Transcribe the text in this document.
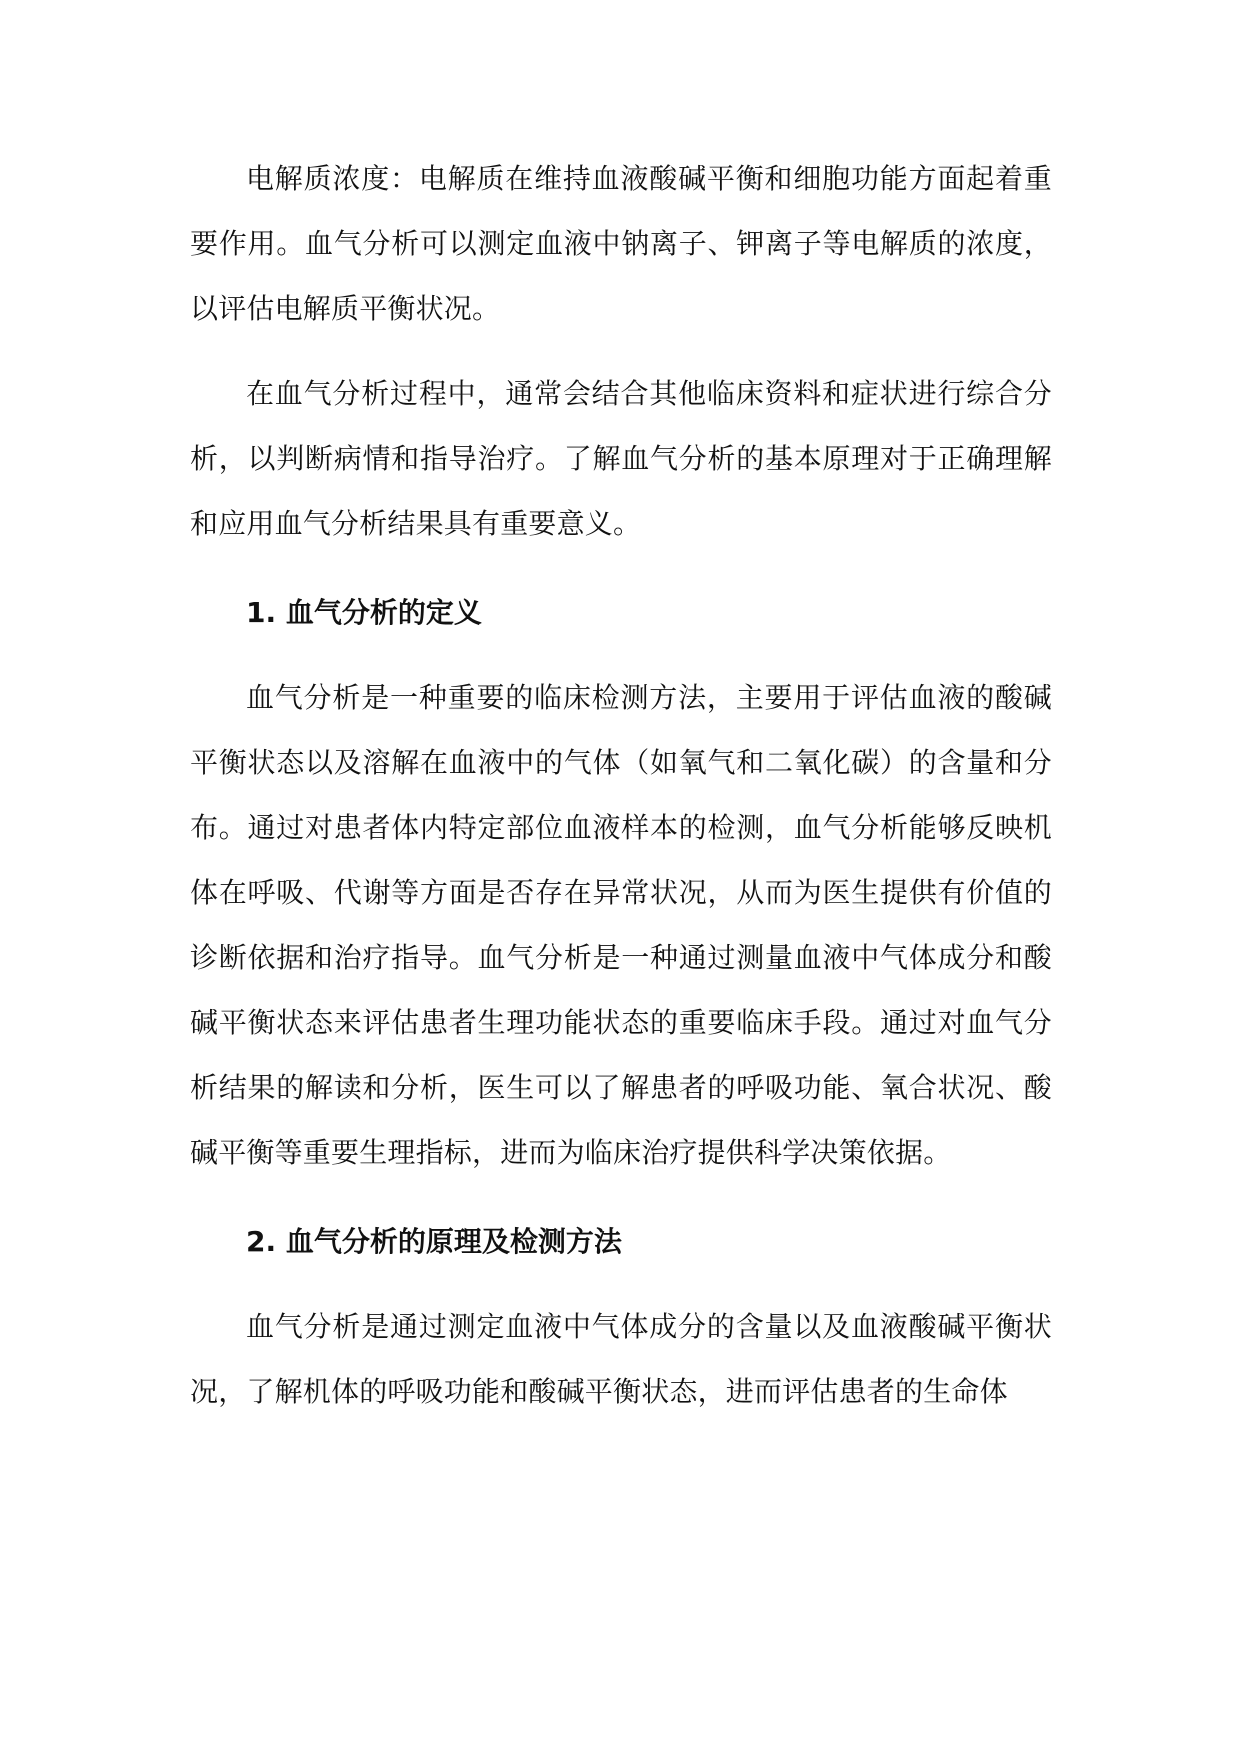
电解质浓度：电解质在维持血液酸碱平衡和细胞功能方面起着重要作用。血气分析可以测定血液中钠离子、钾离子等电解质的浓度，以评估电解质平衡状况。

在血气分析过程中，通常会结合其他临床资料和症状进行综合分析，以判断病情和指导治疗。了解血气分析的基本原理对于正确理解和应用血气分析结果具有重要意义。

1. 血气分析的定义

血气分析是一种重要的临床检测方法，主要用于评估血液的酸碱平衡状态以及溶解在血液中的气体（如氧气和二氧化碳）的含量和分布。通过对患者体内特定部位血液样本的检测，血气分析能够反映机体在呼吸、代谢等方面是否存在异常状况，从而为医生提供有价值的诊断依据和治疗指导。血气分析是一种通过测量血液中气体成分和酸碱平衡状态来评估患者生理功能状态的重要临床手段。通过对血气分析结果的解读和分析，医生可以了解患者的呼吸功能、氧合状况、酸碱平衡等重要生理指标，进而为临床治疗提供科学决策依据。

2. 血气分析的原理及检测方法

血气分析是通过测定血液中气体成分的含量以及血液酸碱平衡状况，了解机体的呼吸功能和酸碱平衡状态，进而评估患者的生命体
